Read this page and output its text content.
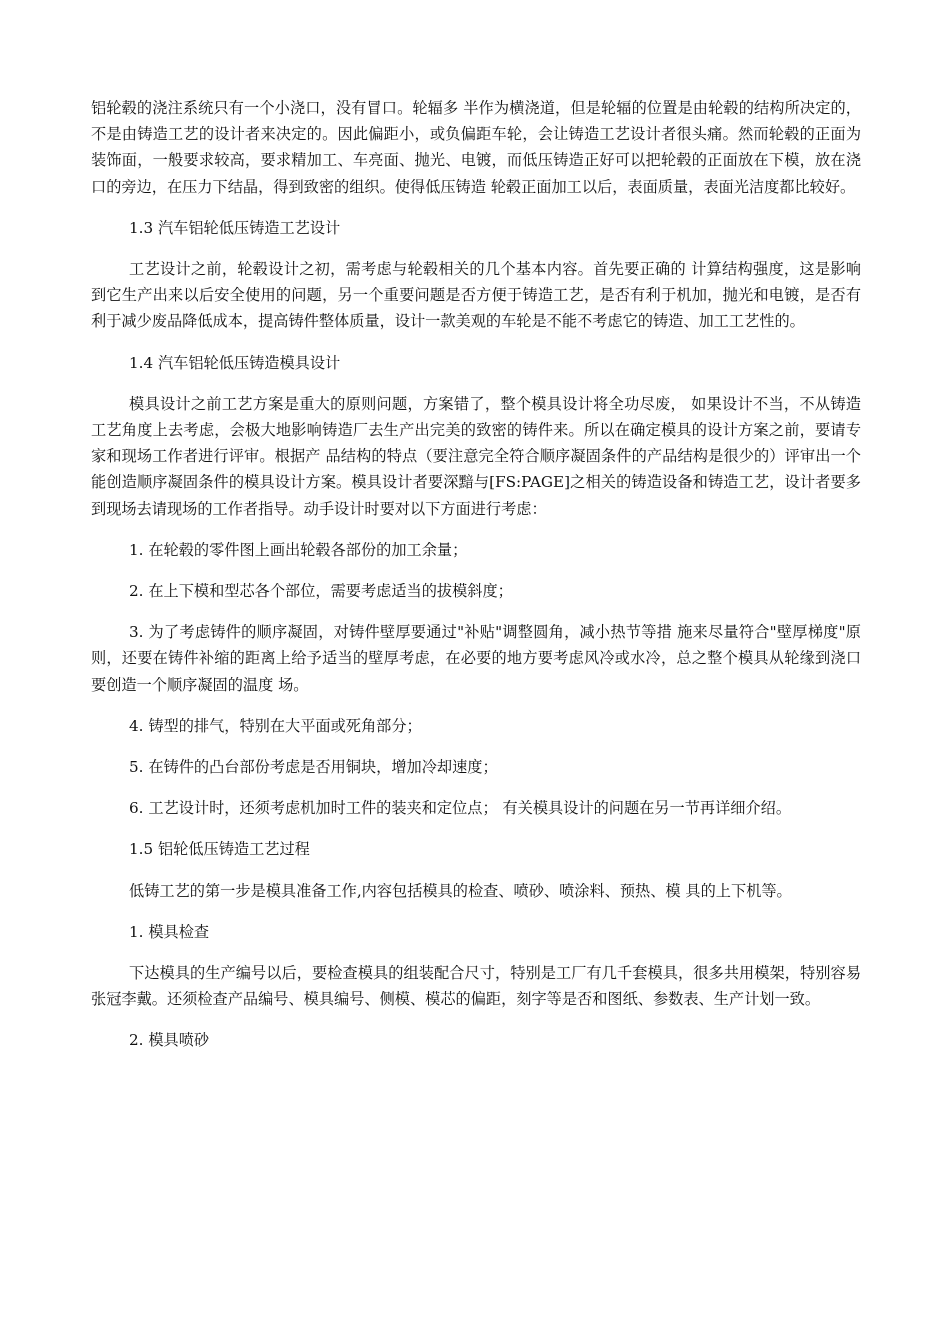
铝轮毂的浇注系统只有一个小浇口，没有冒口。轮辐多 半作为横浇道，但是轮辐的位置是由轮毂的结构所决定的，不是由铸造工艺的设计者来决定的。因此偏距小，或负偏距车轮，会让铸造工艺设计者很头痛。然而轮毂的正面为 装饰面，一般要求较高，要求精加工、车亮面、抛光、电镀，而低压铸造正好可以把轮毂的正面放在下模，放在浇口的旁边，在压力下结晶，得到致密的组织。使得低压铸造 轮毂正面加工以后，表面质量，表面光洁度都比较好。

1.3 汽车铝轮低压铸造工艺设计

工艺设计之前，轮毂设计之初，需考虑与轮毂相关的几个基本内容。首先要正确的 计算结构强度，这是影响到它生产出来以后安全使用的问题，另一个重要问题是否方便于铸造工艺，是否有利于机加，抛光和电镀，是否有利于减少废品降低成本，提高铸件整体质量，设计一款美观的车轮是不能不考虑它的铸造、加工工艺性的。

1.4 汽车铝轮低压铸造模具设计

模具设计之前工艺方案是重大的原则问题，方案错了，整个模具设计将全功尽废， 如果设计不当，不从铸造工艺角度上去考虑，会极大地影响铸造厂去生产出完美的致密的铸件来。所以在确定模具的设计方案之前，要请专家和现场工作者进行评审。根据产 品结构的特点（要注意完全符合顺序凝固条件的产品结构是很少的）评审出一个能创造顺序凝固条件的模具设计方案。模具设计者要深黯与[FS:PAGE]之相关的铸造设备和铸造工艺，设计者要多到现场去请现场的工作者指导。动手设计时要对以下方面进行考虑：

1. 在轮毂的零件图上画出轮毂各部份的加工余量；

2. 在上下模和型芯各个部位，需要考虑适当的拔模斜度；

3. 为了考虑铸件的顺序凝固，对铸件壁厚要通过"补贴"调整圆角，减小热节等措 施来尽量符合"壁厚梯度"原则，还要在铸件补缩的距离上给予适当的壁厚考虑，在必要的地方要考虑风冷或水冷，总之整个模具从轮缘到浇口要创造一个顺序凝固的温度 场。

4. 铸型的排气，特别在大平面或死角部分；

5. 在铸件的凸台部份考虑是否用铜块，增加冷却速度；

6. 工艺设计时，还须考虑机加时工件的装夹和定位点； 有关模具设计的问题在另一节再详细介绍。

1.5 铝轮低压铸造工艺过程

低铸工艺的第一步是模具准备工作,内容包括模具的检查、喷砂、喷涂料、预热、模 具的上下机等。

1. 模具检查

下达模具的生产编号以后，要检查模具的组装配合尺寸，特别是工厂有几千套模具，很多共用模架，特别容易张冠李戴。还须检查产品编号、模具编号、侧模、模芯的偏距，刻字等是否和图纸、参数表、生产计划一致。

2. 模具喷砂
